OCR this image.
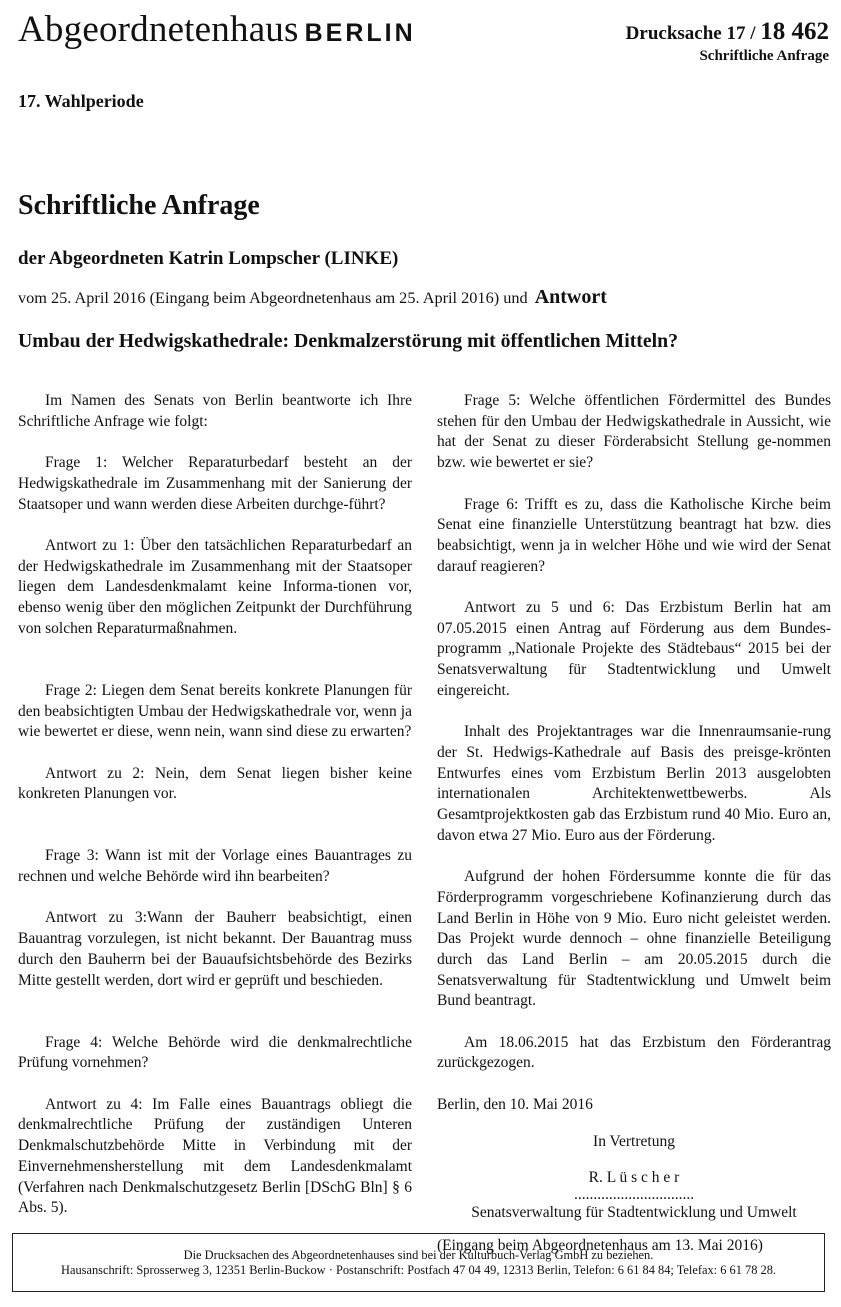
Abgeordnetenhaus BERLIN	Drucksache 17 / 18 462
Schriftliche Anfrage
17. Wahlperiode
Schriftliche Anfrage
der Abgeordneten Katrin Lompscher (LINKE)
vom 25. April 2016 (Eingang beim Abgeordnetenhaus am 25. April 2016) und Antwort
Umbau der Hedwigskathedrale: Denkmalzerstörung mit öffentlichen Mitteln?

Im Namen des Senats von Berlin beantworte ich Ihre Schriftliche Anfrage wie folgt:

Frage 1: Welcher Reparaturbedarf besteht an der Hedwigskathedrale im Zusammenhang mit der Sanierung der Staatsoper und wann werden diese Arbeiten durchge-führt?

Antwort zu 1: Über den tatsächlichen Reparaturbedarf an der Hedwigskathedrale im Zusammenhang mit der Staatsoper liegen dem Landesdenkmalamt keine Informa-tionen vor, ebenso wenig über den möglichen Zeitpunkt der Durchführung von solchen Reparaturmaßnahmen.

Frage 2: Liegen dem Senat bereits konkrete Planungen für den beabsichtigten Umbau der Hedwigskathedrale vor, wenn ja wie bewertet er diese, wenn nein, wann sind diese zu erwarten?

Antwort zu 2: Nein, dem Senat liegen bisher keine konkreten Planungen vor.

Frage 3: Wann ist mit der Vorlage eines Bauantrages zu rechnen und welche Behörde wird ihn bearbeiten?

Antwort zu 3:Wann der Bauherr beabsichtigt, einen Bauantrag vorzulegen, ist nicht bekannt. Der Bauantrag muss durch den Bauherrn bei der Bauaufsichtsbehörde des Bezirks Mitte gestellt werden, dort wird er geprüft und beschieden.

Frage 4: Welche Behörde wird die denkmalrechtliche Prüfung vornehmen?

Antwort zu 4: Im Falle eines Bauantrags obliegt die denkmalrechtliche Prüfung der zuständigen Unteren Denkmalschutzbehörde Mitte in Verbindung mit der Einvernehmensherstellung mit dem Landesdenkmalamt (Verfahren nach Denkmalschutzgesetz Berlin [DSchG Bln] § 6 Abs. 5).

Frage 5: Welche öffentlichen Fördermittel des Bundes stehen für den Umbau der Hedwigskathedrale in Aussicht, wie hat der Senat zu dieser Förderabsicht Stellung ge-nommen bzw. wie bewertet er sie?

Frage 6: Trifft es zu, dass die Katholische Kirche beim Senat eine finanzielle Unterstützung beantragt hat bzw. dies beabsichtigt, wenn ja in welcher Höhe und wie wird der Senat darauf reagieren?

Antwort zu 5 und 6: Das Erzbistum Berlin hat am 07.05.2015 einen Antrag auf Förderung aus dem Bundes-programm „Nationale Projekte des Städtebaus“ 2015 bei der Senatsverwaltung für Stadtentwicklung und Umwelt eingereicht.

Inhalt des Projektantrages war die Innenraumsanie-rung der St. Hedwigs-Kathedrale auf Basis des preisge-krönten Entwurfes eines vom Erzbistum Berlin 2013 ausgelobten internationalen Architektenwettbewerbs. Als Gesamtprojektkosten gab das Erzbistum rund 40 Mio. Euro an, davon etwa 27 Mio. Euro aus der Förderung.

Aufgrund der hohen Fördersumme konnte die für das Förderprogramm vorgeschriebene Kofinanzierung durch das Land Berlin in Höhe von 9 Mio. Euro nicht geleistet werden. Das Projekt wurde dennoch – ohne finanzielle Beteiligung durch das Land Berlin – am 20.05.2015 durch die Senatsverwaltung für Stadtentwicklung und Umwelt beim Bund beantragt.

Am 18.06.2015 hat das Erzbistum den Förderantrag zurückgezogen.

Berlin, den 10. Mai 2016

In Vertretung

R. L ü s c h e r

...............................

Senatsverwaltung für Stadtentwicklung und Umwelt

(Eingang beim Abgeordnetenhaus am 13. Mai 2016)

Die Drucksachen des Abgeordnetenhauses sind bei der Kulturbuch-Verlag GmbH zu beziehen.
Hausanschrift: Sprosserweg 3, 12351 Berlin-Buckow · Postanschrift: Postfach 47 04 49, 12313 Berlin, Telefon: 6 61 84 84; Telefax: 6 61 78 28.
